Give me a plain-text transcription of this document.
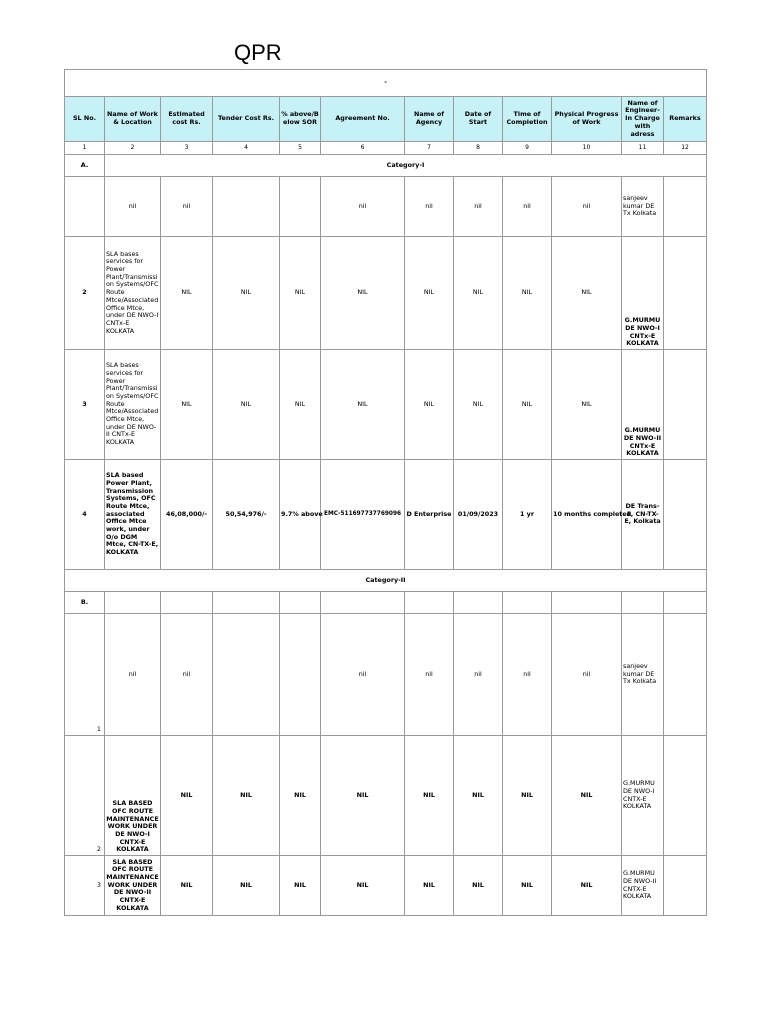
QPR
-											
SL No.	Name of Work & Location	Estimated cost Rs.	Tender Cost Rs.	% above/B elow SOR	Agreement No.	Name of Agency	Date of Start	Time of Completion	Physical Progress of Work	Name of Engineer-In Charge with adress	Remarks
1	2	3	4	5	6	7	8	9	10	11	12
A.	Category-I										
	nil	nil			nil	nil	nil	nil	nil	sanjeev kumar DE Tx Kolkata	
2	SLA bases services for Power Plant/Transmission Systems/OFC Route Mtce/Associated Office Mtce, under DE NWO-I CNTx-E KOLKATA	NIL	NIL	NIL	NIL	NIL	NIL	NIL	NIL	G.MURMU DE NWO-I CNTx-E KOLKATA	
3	SLA bases services for Power Plant/Transmission Systems/OFC Route Mtce/Associated Office Mtce, under DE NWO-II CNTx-E KOLKATA	NIL	NIL	NIL	NIL	NIL	NIL	NIL	NIL	G.MURMU DE NWO-II CNTx-E KOLKATA	
4	SLA based Power Plant, Transmission Systems, OFC Route Mtce, associated Office Mtce work, under O/o DGM Mtce, CN-TX-E, KOLKATA	46,08,000/-	50,54,976/-	9.7% above	EMC-511697737769096	D Enterprise	01/09/2023	1 yr	10 months completed	DE Trans-1, CN-TX-E, Kolkata	
Category-II											
B.											
1	nil	nil			nil	nil	nil	nil	nil	sanjeev kumar DE Tx Kolkata	
2	SLA BASED OFC ROUTE MAINTENANCE WORK UNDER DE NWO-I CNTX-E KOLKATA	NIL	NIL	NIL	NIL	NIL	NIL	NIL	NIL	G.MURMU DE NWO-I CNTX-E KOLKATA	
3	SLA BASED OFC ROUTE MAINTENANCE WORK UNDER DE NWO-II CNTX-E KOLKATA	NIL	NIL	NIL	NIL	NIL	NIL	NIL	NIL	G.MURMU DE NWO-II CNTX-E KOLKATA	
